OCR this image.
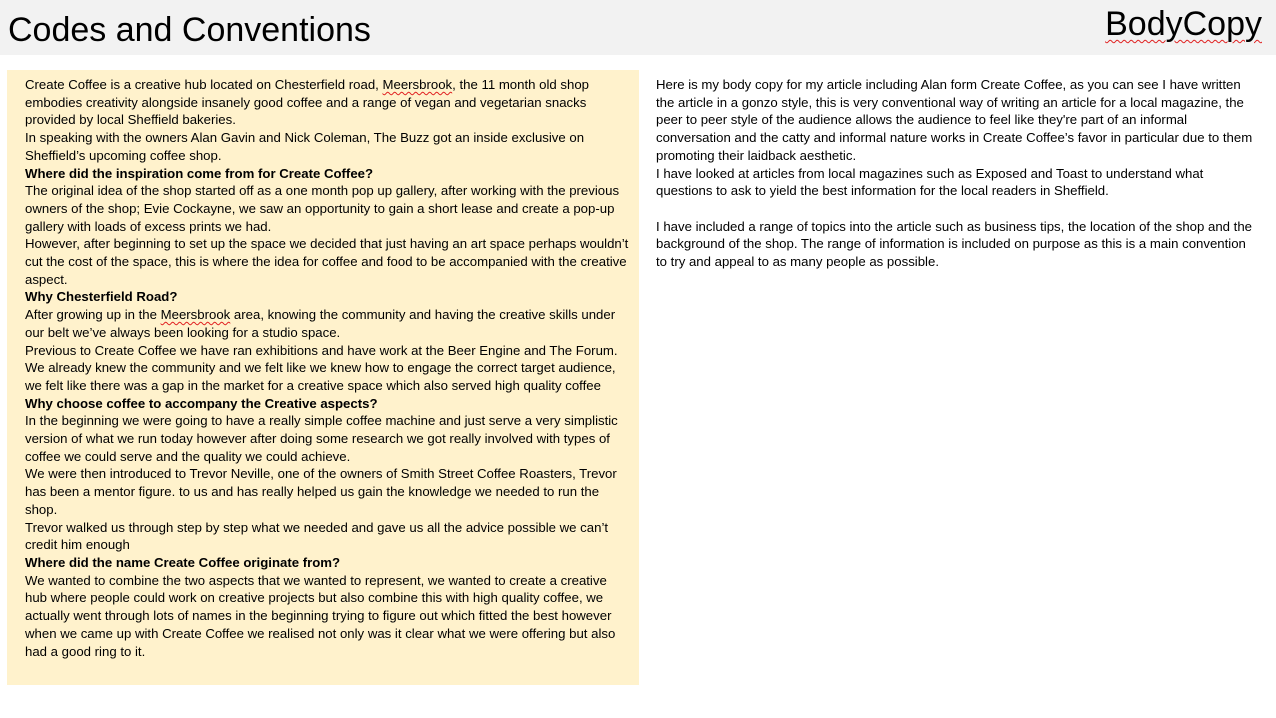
Codes and Conventions	BodyCopy

Create Coffee is a creative hub located on Chesterfield road, Meersbrook, the 11 month old shop embodies creativity alongside insanely good coffee and a range of vegan and vegetarian snacks provided by local Sheffield bakeries.

In speaking with the owners Alan Gavin and Nick Coleman, The Buzz got an inside exclusive on Sheffield’s upcoming coffee shop.

Where did the inspiration come from for Create Coffee?

The original idea of the shop started off as a one month pop up gallery, after working with the previous owners of the shop; Evie Cockayne, we saw an opportunity to gain a short lease and create a pop-up gallery with loads of excess prints we had.

However, after beginning to set up the space we decided that just having an art space perhaps wouldn’t cut the cost of the space, this is where the idea for coffee and food to be accompanied with the creative aspect.

Why Chesterfield Road?

After growing up in the Meersbrook area, knowing the community and having the creative skills under our belt we’ve always been looking for a studio space.

Previous to Create Coffee we have ran exhibitions and have work at the Beer Engine and The Forum. We already knew the community and we felt like we knew how to engage the correct target audience, we felt like there was a gap in the market for a creative space which also served high quality coffee

Why choose coffee to accompany the Creative aspects?

In the beginning we were going to have a really simple coffee machine and just serve a very simplistic version of what we run today however after doing some research we got really involved with types of coffee we could serve and the quality we could achieve.

We were then introduced to Trevor Neville, one of the owners of Smith Street Coffee Roasters, Trevor has been a mentor figure. to us and has really helped us gain the knowledge we needed to run the shop.

Trevor walked us through step by step what we needed and gave us all the advice possible we can’t credit him enough

Where did the name Create Coffee originate from?

We wanted to combine the two aspects that we wanted to represent, we wanted to create a creative hub where people could work on creative projects but also combine this with high quality coffee, we actually went through lots of names in the beginning trying to figure out which fitted the best however when we came up with Create Coffee we realised not only was it clear what we were offering but also had a good ring to it.

Here is my body copy for my article including Alan form Create Coffee, as you can see I have written the article in a gonzo style, this is very conventional way of writing an article for a local magazine, the peer to peer style of the audience allows the audience to feel like they're part of an informal conversation and the catty and informal nature works in Create Coffee’s favor in particular due to them promoting their laidback aesthetic.

I have looked at articles from local magazines such as Exposed and Toast to understand what questions to ask to yield the best information for the local readers in Sheffield.

I have included a range of topics into the article such as business tips, the location of the shop and the background of the shop. The range of information is included on purpose as this is a main convention to try and appeal to as many people as possible.
